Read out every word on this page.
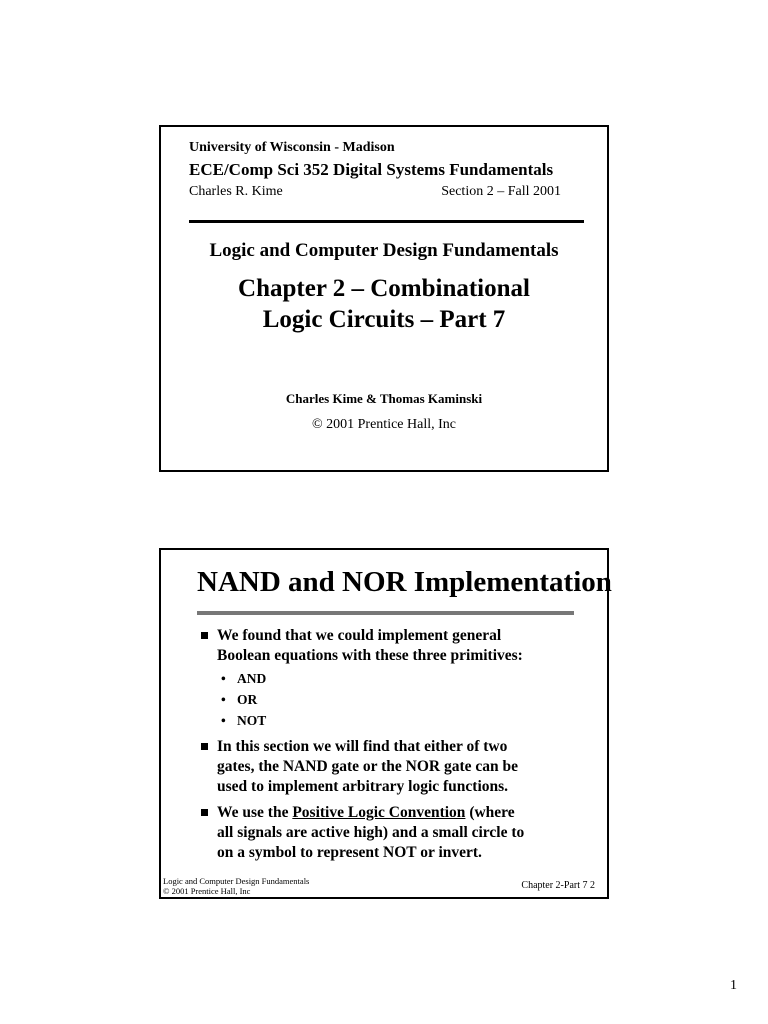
University of Wisconsin - Madison
ECE/Comp Sci 352 Digital Systems Fundamentals
Charles R. Kime	Section 2 – Fall 2001
Logic and Computer Design Fundamentals
Chapter 2 – Combinational
Logic Circuits – Part 7
Charles Kime & Thomas Kaminski
© 2001 Prentice Hall, Inc
NAND and NOR Implementation
We found that we could implement general
Boolean equations with these three primitives:
• AND
• OR
• NOT
In this section we will find that either of two
gates, the NAND gate or the NOR gate can be
used to implement arbitrary logic functions.
We use the Positive Logic Convention (where
all signals are active high) and a small circle to
on a symbol to represent NOT or invert.
Logic and Computer Design Fundamentals
© 2001 Prentice Hall, Inc	Chapter 2-Part 7 2
1
